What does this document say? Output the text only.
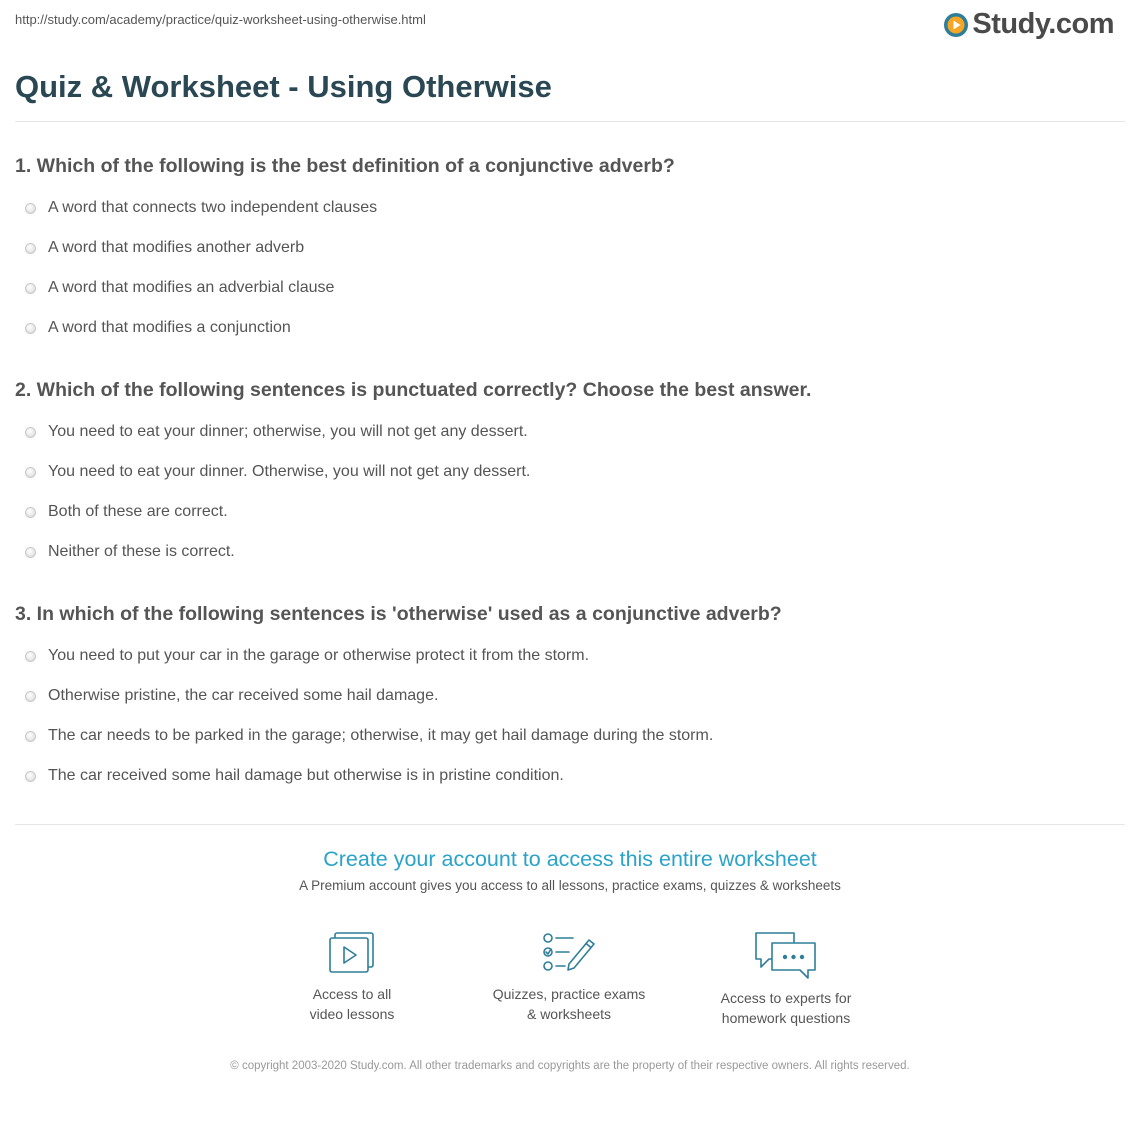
http://study.com/academy/practice/quiz-worksheet-using-otherwise.html	Study.com
Quiz & Worksheet - Using Otherwise
1. Which of the following is the best definition of a conjunctive adverb?
A word that connects two independent clauses
A word that modifies another adverb
A word that modifies an adverbial clause
A word that modifies a conjunction
2. Which of the following sentences is punctuated correctly? Choose the best answer.
You need to eat your dinner; otherwise, you will not get any dessert.
You need to eat your dinner. Otherwise, you will not get any dessert.
Both of these are correct.
Neither of these is correct.
3. In which of the following sentences is 'otherwise' used as a conjunctive adverb?
You need to put your car in the garage or otherwise protect it from the storm.
Otherwise pristine, the car received some hail damage.
The car needs to be parked in the garage; otherwise, it may get hail damage during the storm.
The car received some hail damage but otherwise is in pristine condition.
Create your account to access this entire worksheet
A Premium account gives you access to all lessons, practice exams, quizzes & worksheets
Access to all
video lessons
Quizzes, practice exams
& worksheets
Access to experts for
homework questions
© copyright 2003-2020 Study.com. All other trademarks and copyrights are the property of their respective owners. All rights reserved.
